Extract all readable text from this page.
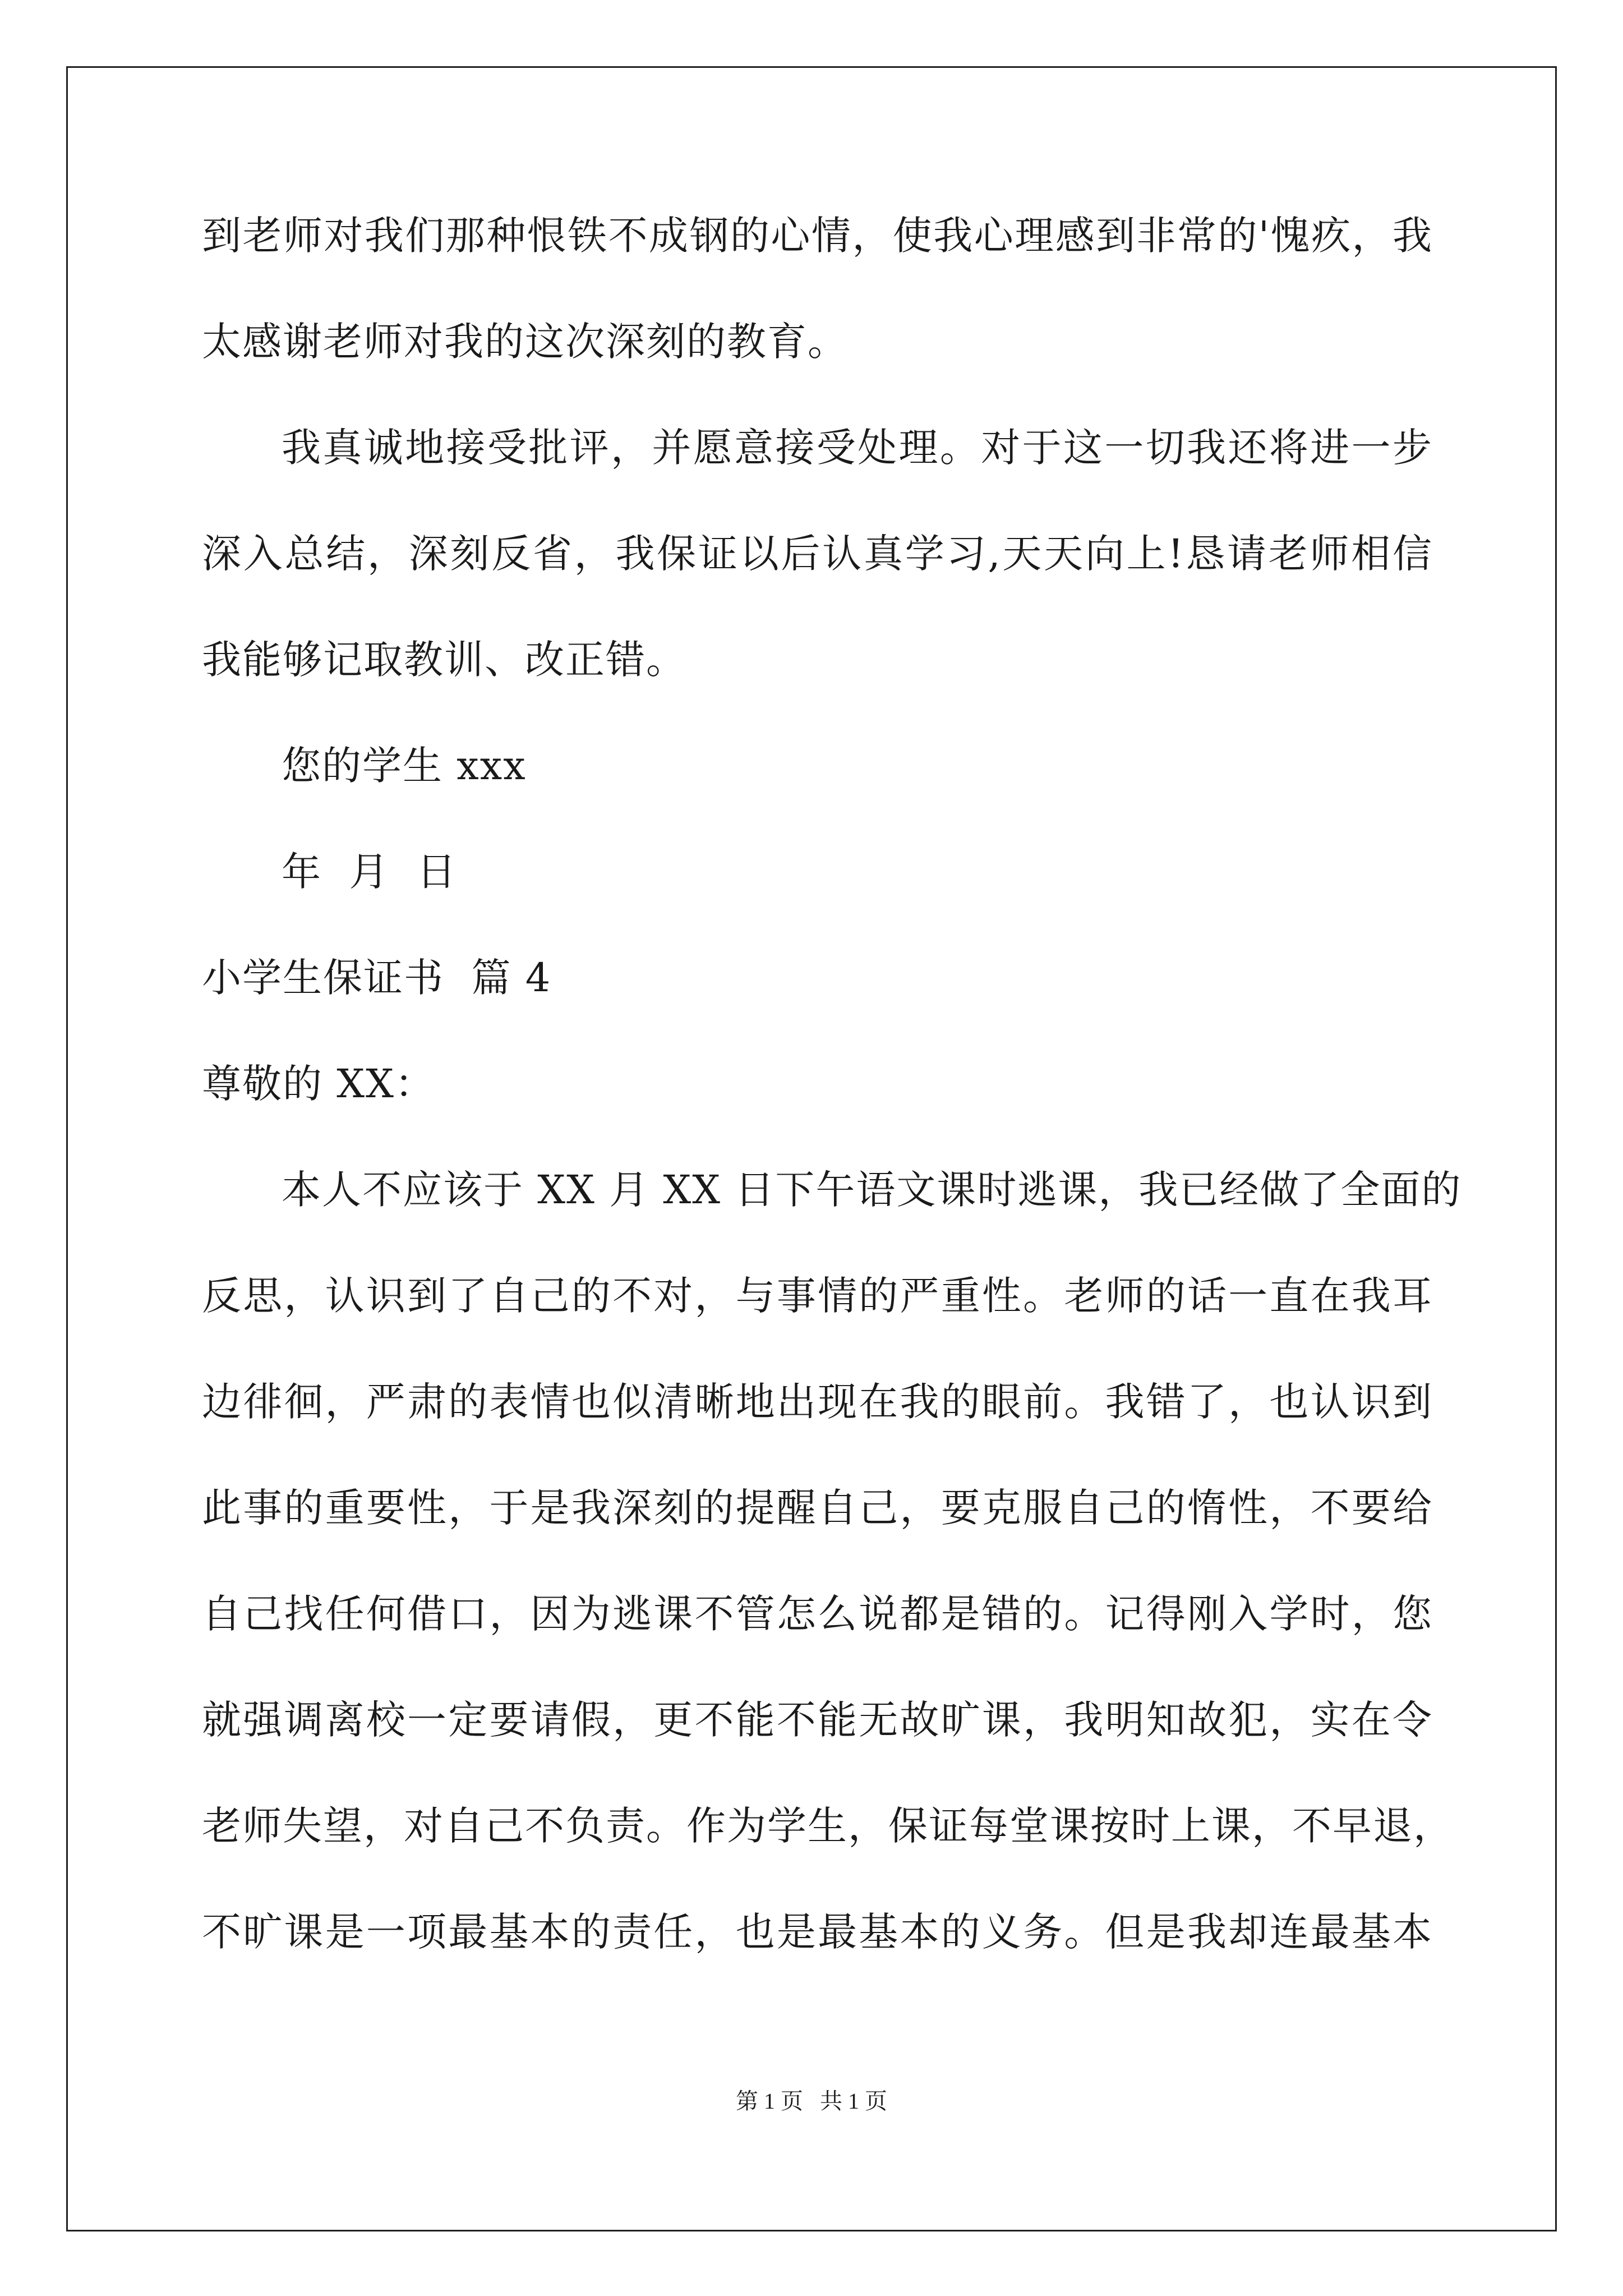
到老师对我们那种恨铁不成钢的心情，使我心理感到非常的'愧疚，我
太感谢老师对我的这次深刻的教育。
我真诚地接受批评，并愿意接受处理。对于这一切我还将进一步
深入总结，深刻反省，我保证以后认真学习,天天向上!恳请老师相信
我能够记取教训、改正错。
您的学生 xxx
年  月  日
小学生保证书  篇 4
尊敬的 XX：
本人不应该于 XX 月 XX 日下午语文课时逃课，我已经做了全面的
反思，认识到了自己的不对，与事情的严重性。老师的话一直在我耳
边徘徊，严肃的表情也似清晰地出现在我的眼前。我错了，也认识到
此事的重要性，于是我深刻的提醒自己，要克服自己的惰性，不要给
自己找任何借口，因为逃课不管怎么说都是错的。记得刚入学时，您
就强调离校一定要请假，更不能不能无故旷课，我明知故犯，实在令
老师失望，对自己不负责。作为学生，保证每堂课按时上课，不早退，
不旷课是一项最基本的责任，也是最基本的义务。但是我却连最基本
第 1 页   共 1 页
